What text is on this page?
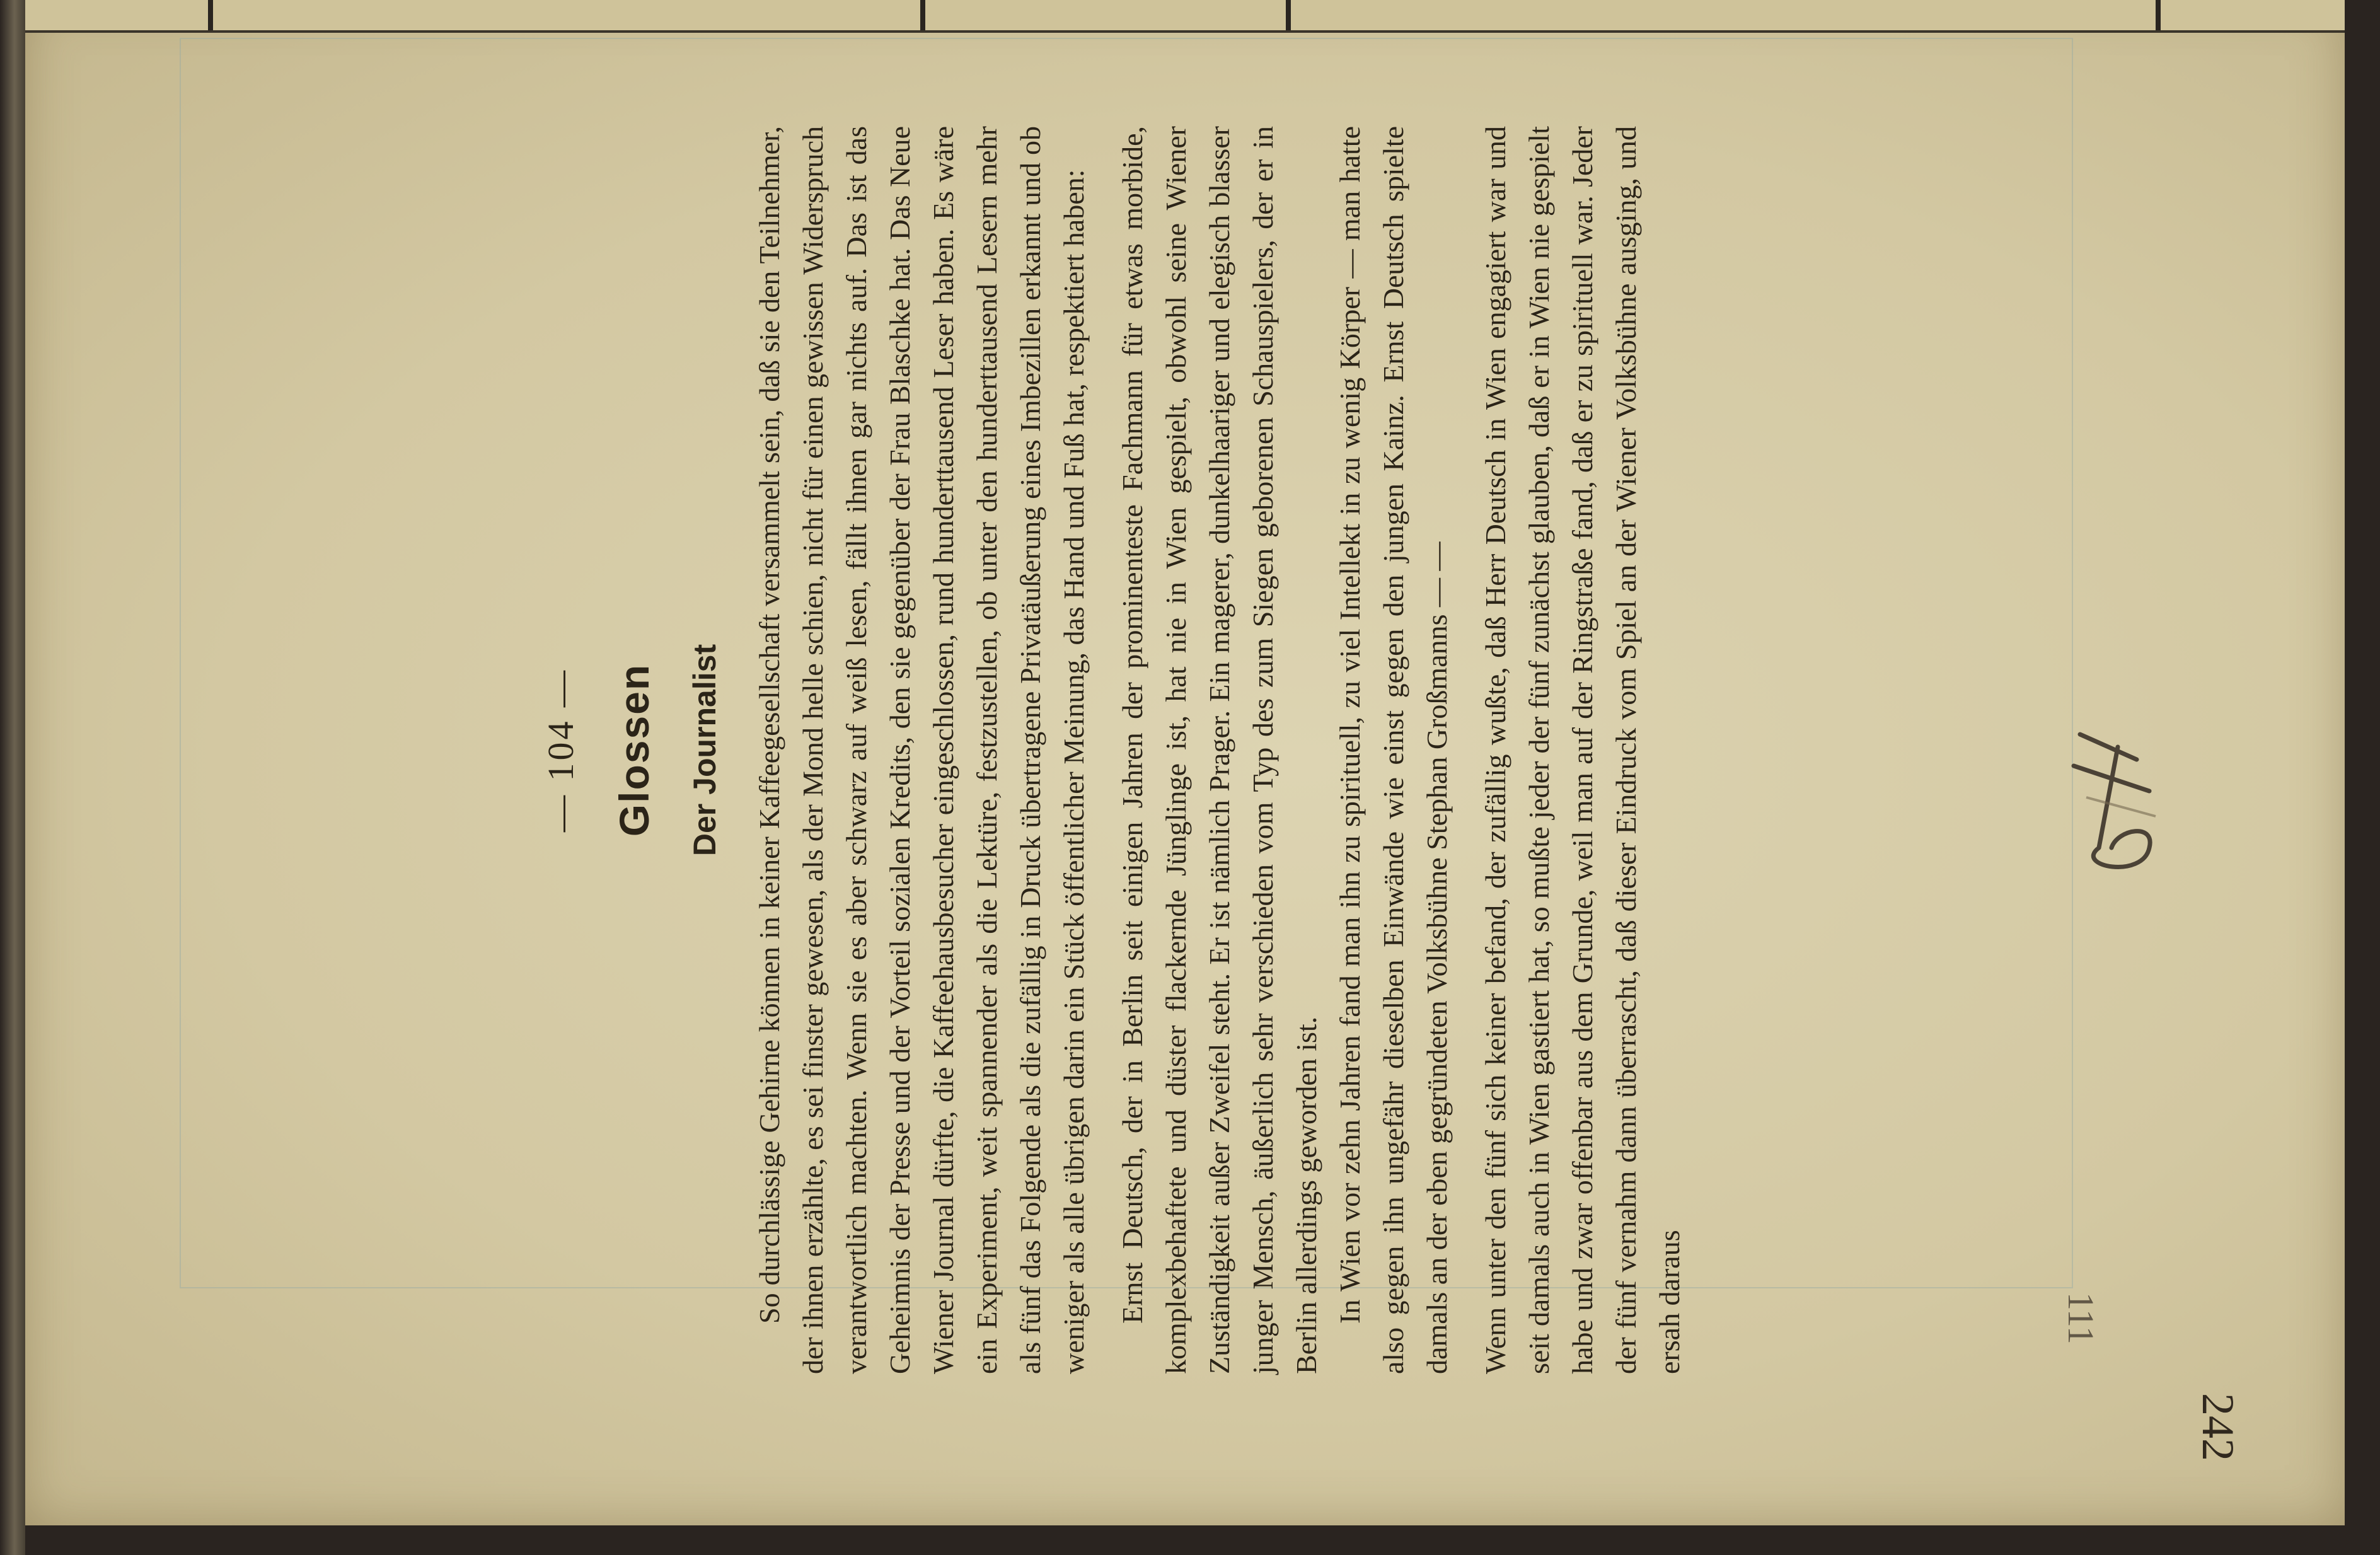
— 104 — Glossen Der Journalist So durchlässige Gehirne können in keiner Kaffeegesellschaft versammelt sein, daß sie den Teilnehmer, der ihnen erzählte, es sei finster gewesen, als der Mond helle schien, nicht für einen gewissen Widerspruch verantwortlich machten. Wenn sie es aber schwarz auf weiß lesen, fällt ihnen gar nichts auf. Das ist das Geheimnis der Presse und der Vorteil sozialen Kredits, den sie gegenüber der Frau Blaschke hat. Das Neue Wiener Journal dürfte, die Kaffeehausbesucher eingeschlossen, rund hunderttausend Leser haben. Es wäre ein Experiment, weit spannender als die Lektüre, festzustellen, ob unter den hunderttausend Lesern mehr als fünf das Folgende als die zufällig in Druck übertragene Privatäußerung eines Imbezillen erkannt und ob weniger als alle übrigen darin ein Stück öffentlicher Meinung, das Hand und Fuß hat, respektiert haben: Ernst Deutsch, der in Berlin seit einigen Jahren der prominenteste Fachmann für etwas morbide, komplexbehaftete und düster flackernde Jünglinge ist, hat nie in Wien gespielt, obwohl seine Wiener Zuständigkeit außer Zweifel steht. Er ist nämlich Prager. Ein magerer, dunkelhaariger und elegisch blasser junger Mensch, äußerlich sehr verschieden vom Typ des zum Siegen geborenen Schauspielers, der er in Berlin allerdings geworden ist. In Wien vor zehn Jahren fand man ihn zu spirituell, zu viel Intellekt in zu wenig Körper — man hatte also gegen ihn ungefähr dieselben Einwände wie einst gegen den jungen Kainz. Ernst Deutsch spielte damals an der eben gegründeten Volksbühne Stephan Großmanns — — Wenn unter den fünf sich keiner befand, der zufällig wußte, daß Herr Deutsch in Wien engagiert war und seit damals auch in Wien gastiert hat, so mußte jeder der fünf zunächst glauben, daß er in Wien nie gespielt habe und zwar offenbar aus dem Grunde, weil man auf der Ringstraße fand, daß er zu spirituell war. Jeder der fünf vernahm dann überrascht, daß dieser Eindruck vom Spiel an der Wiener Volksbühne ausging, und ersah daraus	111
242
